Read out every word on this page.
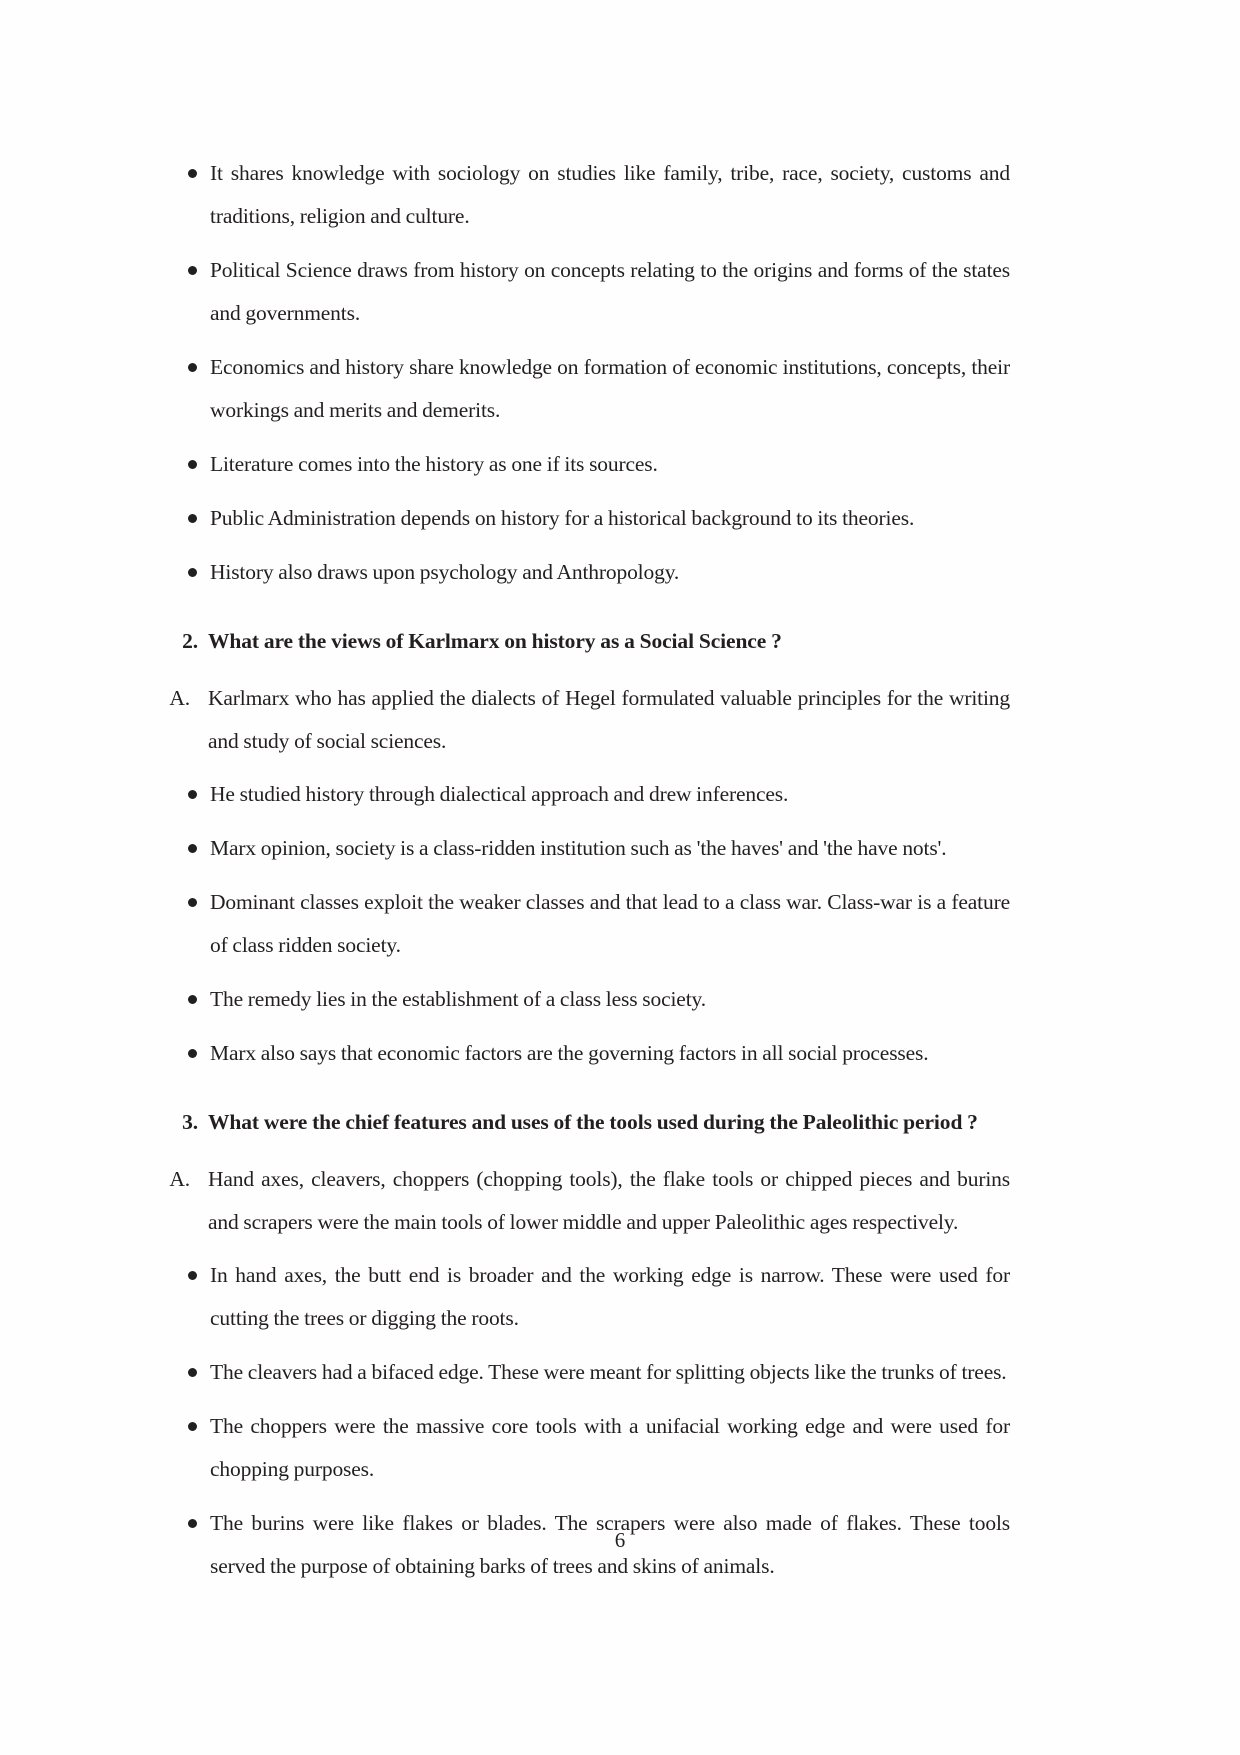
It shares knowledge with sociology on studies like family, tribe, race, society, customs and traditions, religion and culture.
Political Science draws from history on concepts relating to the origins and forms of the states and governments.
Economics and history share knowledge on formation of economic institutions, concepts, their workings and merits and demerits.
Literature comes into the history as one if its sources.
Public Administration depends on history for a historical background to its theories.
History also draws upon psychology and Anthropology.
2. What are the views of Karlmarx on history as a Social Science ?
A. Karlmarx who has applied the dialects of Hegel formulated valuable principles for the writing and study of social sciences.
He studied history through dialectical approach and drew inferences.
Marx opinion, society is a class-ridden institution such as 'the haves' and 'the have nots'.
Dominant classes exploit the weaker classes and that lead to a class war. Class-war is a feature of class ridden society.
The remedy lies in the establishment of a class less society.
Marx also says that economic factors are the governing factors in all social processes.
3. What were the chief features and uses of the tools used during the Paleolithic period ?
A. Hand axes, cleavers, choppers (chopping tools), the flake tools or chipped pieces and burins and scrapers were the main tools of lower middle and upper Paleolithic ages respectively.
In hand axes, the butt end is broader and the working edge is narrow. These were used for cutting the trees or digging the roots.
The cleavers had a bifaced edge. These were meant for splitting objects like the trunks of trees.
The choppers were the massive core tools with a unifacial working edge and were used for chopping purposes.
The burins were like flakes or blades. The scrapers were also made of flakes. These tools served the purpose of obtaining barks of trees and skins of animals.
6
